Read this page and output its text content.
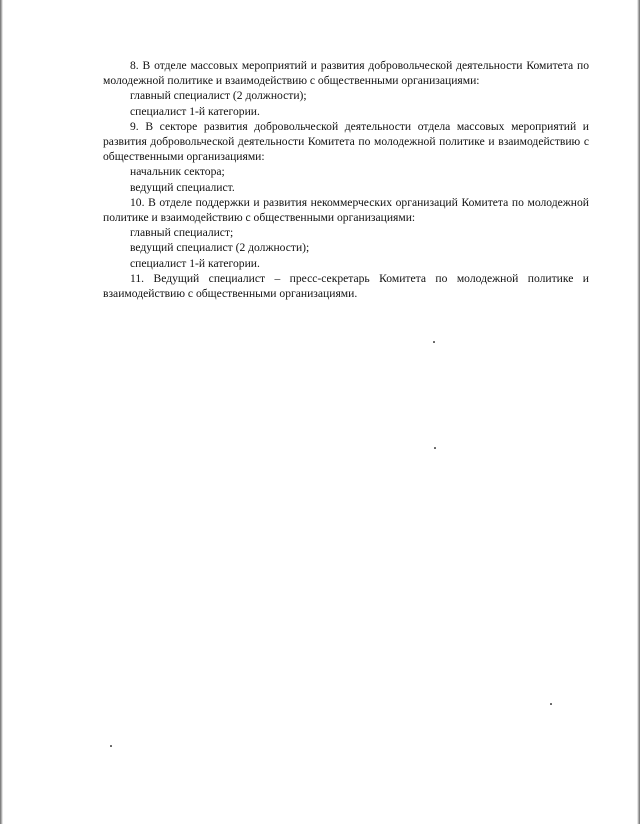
8. В отделе массовых мероприятий и развития добровольческой деятельности Комитета по молодежной политике и взаимодействию с общественными организациями:

главный специалист (2 должности);

специалист 1-й категории.

9. В секторе развития добровольческой деятельности отдела массовых мероприятий и развития добровольческой деятельности Комитета по молодежной политике и взаимодействию с общественными организациями:

начальник сектора;

ведущий специалист.

10. В отделе поддержки и развития некоммерческих организаций Комитета по молодежной политике и взаимодействию с общественными организациями:

главный специалист;

ведущий специалист (2 должности);

специалист 1-й категории.

11. Ведущий специалист – пресс-секретарь Комитета по молодежной политике и взаимодействию с общественными организациями.
